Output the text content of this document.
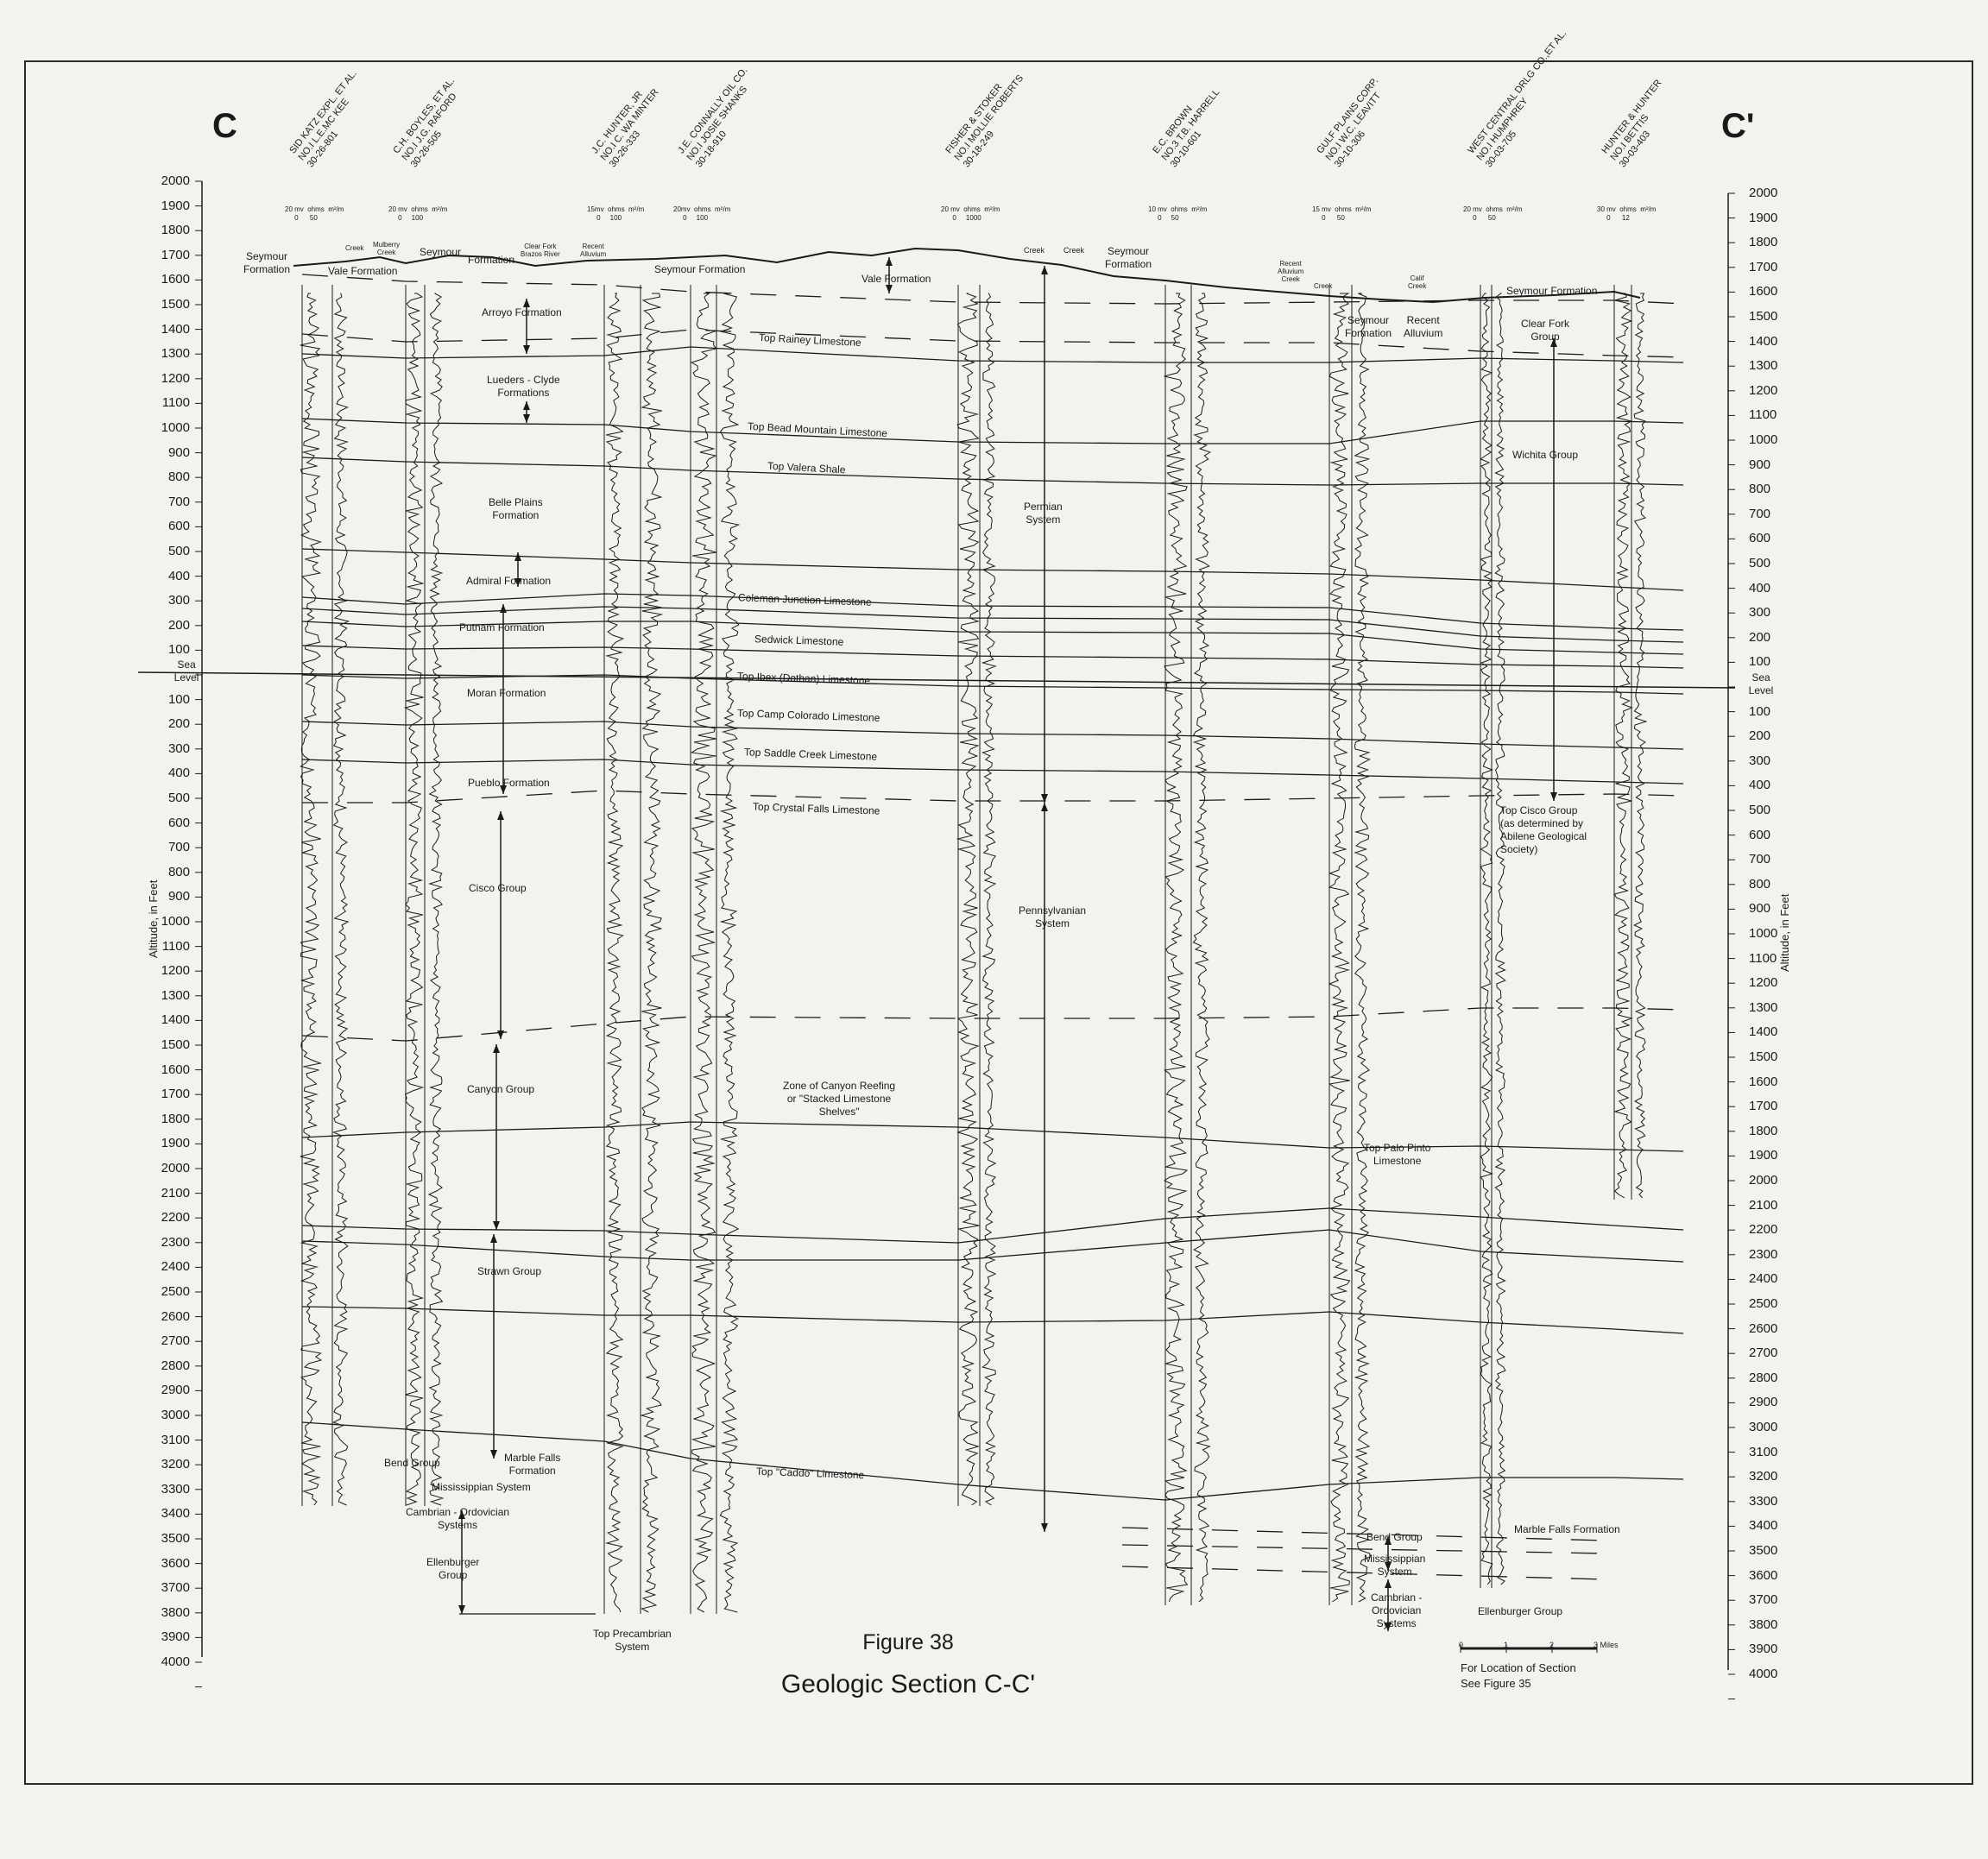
C	C'
Altitude, in Feet	Altitude, in Feet
2000
1900
1800
1700
1600
1500
1400
1300
1200
1100
1000
900
800
700
600
500
400
300
200
100
100
200
300
400
500
600
700
800
900
1000
1100
1200
1300
1400
1500
1600
1700
1800
1900
2000
2100
2200
2300
2400
2500
2600
2700
2800
2900
3000
3100
3200
3300
3400
3500
3600
3700
3800
3900
4000
2000
1900
1800
1700
1600
1500
1400
1300
1200
1100
1000
900
800
700
600
500
400
300
200
100
100
200
300
400
500
600
700
800
900
1000
1100
1200
1300
1400
1500
1600
1700
1800
1900
2000
2100
2200
2300
2400
2500
2600
2700
2800
2900
3000
3100
3200
3300
3400
3500
3600
3700
3800
3900
4000
Sea
Level	Sea
Level
SID KATZ EXPL. ET AL.
NO.I L.E.MC KEE
30-26-801
20 mv  ohms  m²/m
0      50
C.H. BOYLES, ET AL.
NO.I J.G. RAFORD
30-26-505
20 mv  ohms  m²/m
0     100
J.C. HUNTER, JR
NO.I C. WA MINTER
30-26-333
15mv  ohms  m²/m
0     100
J.E. CONNALLY OIL CO.
NO.I JOSIE SHANKS
30-18-910
20mv  ohms  m²/m
0     100
FISHER & STOKER
NO.I MOLLIE ROBERTS
30-18-249
20 mv  ohms  m²/m
0     1000
E.C. BROWN
NO.3 T.B. HARRELL
30-10-601
10 mv  ohms  m²/m
0     50
GULF PLAINS CORP.
NO.I W.C. LEAVITT
30-10-306
15 mv  ohms  m²/m
0      50
WEST CENTRAL DRLG CO.,ET AL.
NO.I HUMPHREY
30-03-705
20 mv  ohms  m²/m
0      50
HUNTER & HUNTER
NO.I BETTIS
30-03-403
30 mv  ohms  m²/m
0      12
Seymour
Formation	Vale Formation
Creek Mulberry
Creek	Seymour
Formation
Clear Fork
Brazos River
Recent
Alluvium
Seymour Formation
Vale Formation
Creek Creek Seymour
Formation
Arroyo Formation
Top Rainey Limestone
Lueders - Clyde
Formations
Top Bead Mountain Limestone
Top Valera Shale
Belle Plains
Formation
Permian
System
Admiral Formation
Coleman Junction Limestone
Putnam Formation
Sedwick Limestone
Top Ibex (Dothan) Limestone
Moran Formation
Top Camp Colorado Limestone
Top Saddle Creek Limestone
Pueblo Formation
Top Crystal Falls Limestone
Cisco Group
Pennsylvanian
System
Canyon Group	Zone of Canyon Reefing
or "Stacked Limestone
Shelves"
Strawn Group
Bend Group	Marble Falls
Formation
Mississippian System
Cambrian - Ordovician
Systems
Ellenburger
Group
Top Precambrian
System
Top "Caddo" Limestone
Recent
Alluvium
Creek
Creek
Calif
Creek
Seymour
Formation
Recent
Alluvium
Seymour Formation
Clear Fork
Group
Wichita Group
Top Cisco Group
(as determined by
Abilene Geological
Society)
Top Palo Pinto
Limestone
Marble Falls Formation
Bend Group
Mississippian
System
Cambrian -
Ordovician
Systems
Ellenburger Group
Figure 38
Geologic Section C-C'
0	1	2	3 Miles
For Location of Section
See Figure 35
